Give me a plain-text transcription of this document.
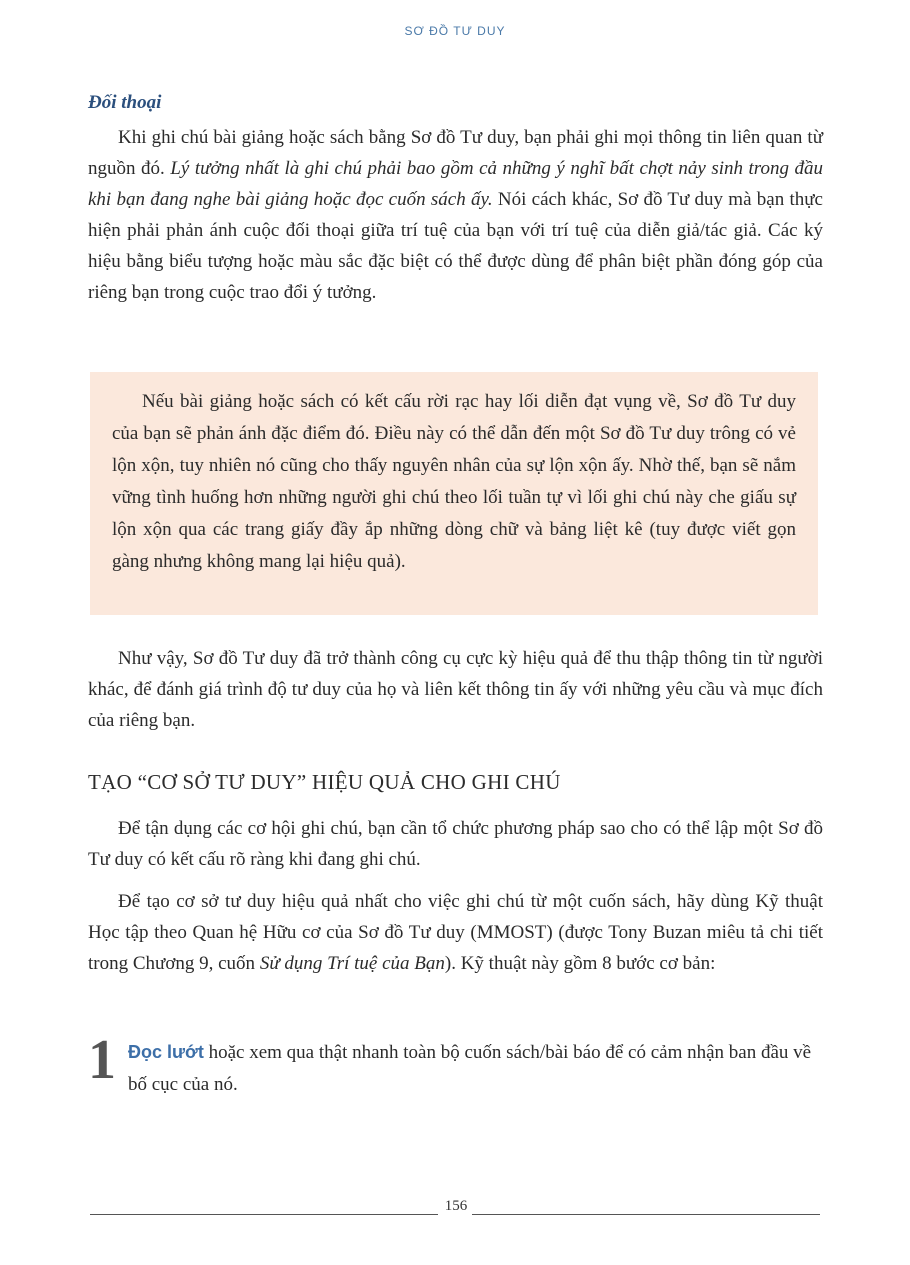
SƠ ĐỒ TƯ DUY
Đối thoại

Khi ghi chú bài giảng hoặc sách bằng Sơ đồ Tư duy, bạn phải ghi mọi thông tin liên quan từ nguồn đó. Lý tưởng nhất là ghi chú phải bao gồm cả những ý nghĩ bất chợt nảy sinh trong đầu khi bạn đang nghe bài giảng hoặc đọc cuốn sách ấy. Nói cách khác, Sơ đồ Tư duy mà bạn thực hiện phải phản ánh cuộc đối thoại giữa trí tuệ của bạn với trí tuệ của diễn giả/tác giả. Các ký hiệu bằng biểu tượng hoặc màu sắc đặc biệt có thể được dùng để phân biệt phần đóng góp của riêng bạn trong cuộc trao đổi ý tưởng.

Nếu bài giảng hoặc sách có kết cấu rời rạc hay lối diễn đạt vụng về, Sơ đồ Tư duy của bạn sẽ phản ánh đặc điểm đó. Điều này có thể dẫn đến một Sơ đồ Tư duy trông có vẻ lộn xộn, tuy nhiên nó cũng cho thấy nguyên nhân của sự lộn xộn ấy. Nhờ thế, bạn sẽ nắm vững tình huống hơn những người ghi chú theo lối tuần tự vì lối ghi chú này che giấu sự lộn xộn qua các trang giấy đầy ắp những dòng chữ và bảng liệt kê (tuy được viết gọn gàng nhưng không mang lại hiệu quả).

Như vậy, Sơ đồ Tư duy đã trở thành công cụ cực kỳ hiệu quả để thu thập thông tin từ người khác, để đánh giá trình độ tư duy của họ và liên kết thông tin ấy với những yêu cầu và mục đích của riêng bạn.

TẠO “CƠ SỞ TƯ DUY” HIỆU QUẢ CHO GHI CHÚ

Để tận dụng các cơ hội ghi chú, bạn cần tổ chức phương pháp sao cho có thể lập một Sơ đồ Tư duy có kết cấu rõ ràng khi đang ghi chú.

Để tạo cơ sở tư duy hiệu quả nhất cho việc ghi chú từ một cuốn sách, hãy dùng Kỹ thuật Học tập theo Quan hệ Hữu cơ của Sơ đồ Tư duy (MMOST) (được Tony Buzan miêu tả chi tiết trong Chương 9, cuốn Sử dụng Trí tuệ của Bạn). Kỹ thuật này gồm 8 bước cơ bản:

1 Đọc lướt hoặc xem qua thật nhanh toàn bộ cuốn sách/bài báo để có cảm nhận ban đầu về bố cục của nó.
156
